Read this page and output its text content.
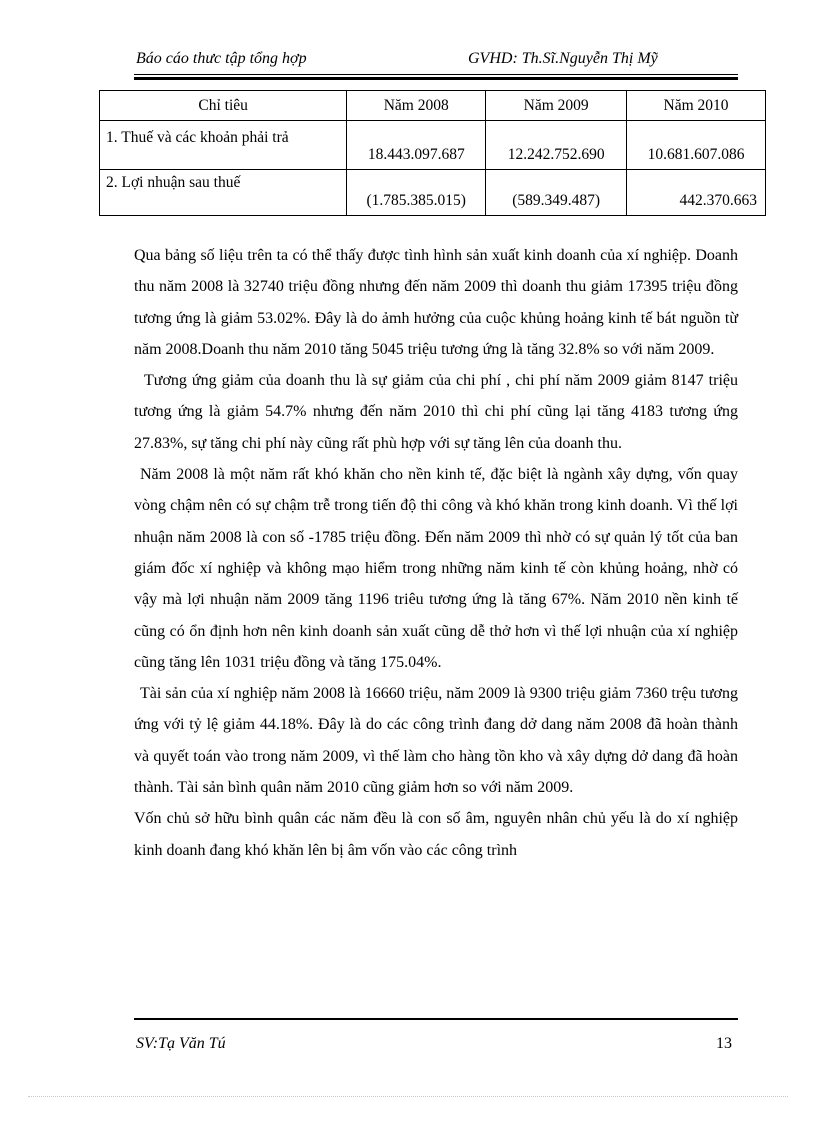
Báo cáo thưc tập tổng hợp	GVHD: Th.Sĩ.Nguyễn Thị Mỹ
Chỉ tiêu	Năm 2008	Năm 2009	Năm 2010
1. Thuế và các khoản phải trả	18.443.097.687	12.242.752.690	10.681.607.086
2. Lợi nhuận sau thuế	(1.785.385.015)	(589.349.487)	442.370.663

Qua bảng số liệu trên ta có thể thấy được tình hình sản xuất kinh doanh của xí nghiệp. Doanh thu năm 2008 là 32740 triệu đồng nhưng đến năm 2009 thì doanh thu giảm 17395 triệu đồng tương ứng là giảm 53.02%. Đây là do ảmh hưởng của cuộc khủng hoảng kinh tế bát nguồn từ năm 2008.Doanh thu năm 2010 tăng 5045 triệu tương ứng là tăng 32.8% so với năm 2009.

Tương ứng giảm của doanh thu là sự giảm của chi phí , chi phí năm 2009 giảm 8147 triệu tương ứng là giảm 54.7% nhưng đến năm 2010 thì chi phí cũng lại tăng 4183 tương ứng 27.83%, sự tăng chi phí này cũng rất phù hợp với sự tăng lên của doanh thu.

Năm 2008 là một năm rất khó khăn cho nền kinh tế, đặc biệt là ngành xây dựng, vốn quay vòng chậm nên có sự chậm trễ trong tiến độ thi công và khó khăn trong kinh doanh. Vì thế lợi nhuận năm 2008 là con số -1785 triệu đồng. Đến năm 2009 thì nhờ có sự quản lý tốt của ban giám đốc xí nghiệp và không mạo hiểm trong những năm kinh tế còn khủng hoảng, nhờ có vậy mà lợi nhuận năm 2009 tăng 1196 triêu tương ứng là tăng 67%. Năm 2010 nền kinh tế cũng có ổn định hơn nên kinh doanh sản xuất cũng dễ thở hơn vì thế lợi nhuận của xí nghiệp cũng tăng lên 1031 triệu đồng và tăng 175.04%.

Tài sản của xí nghiệp năm 2008 là 16660 triệu, năm 2009 là 9300 triệu giảm 7360 trệu tương ứng với tỷ lệ giảm 44.18%. Đây là do các công trình đang dở dang năm 2008 đã hoàn thành và quyết toán vào trong năm 2009, vì thế làm cho hàng tồn kho và xây dựng dở dang đã hoàn thành. Tài sản bình quân năm 2010 cũng giảm hơn so với năm 2009.

Vốn chủ sở hữu bình quân các năm đều là con số âm, nguyên nhân chủ yếu là do xí nghiệp kinh doanh đang khó khăn lên bị âm vốn vào các công trình

SV:Tạ Văn Tú	13
